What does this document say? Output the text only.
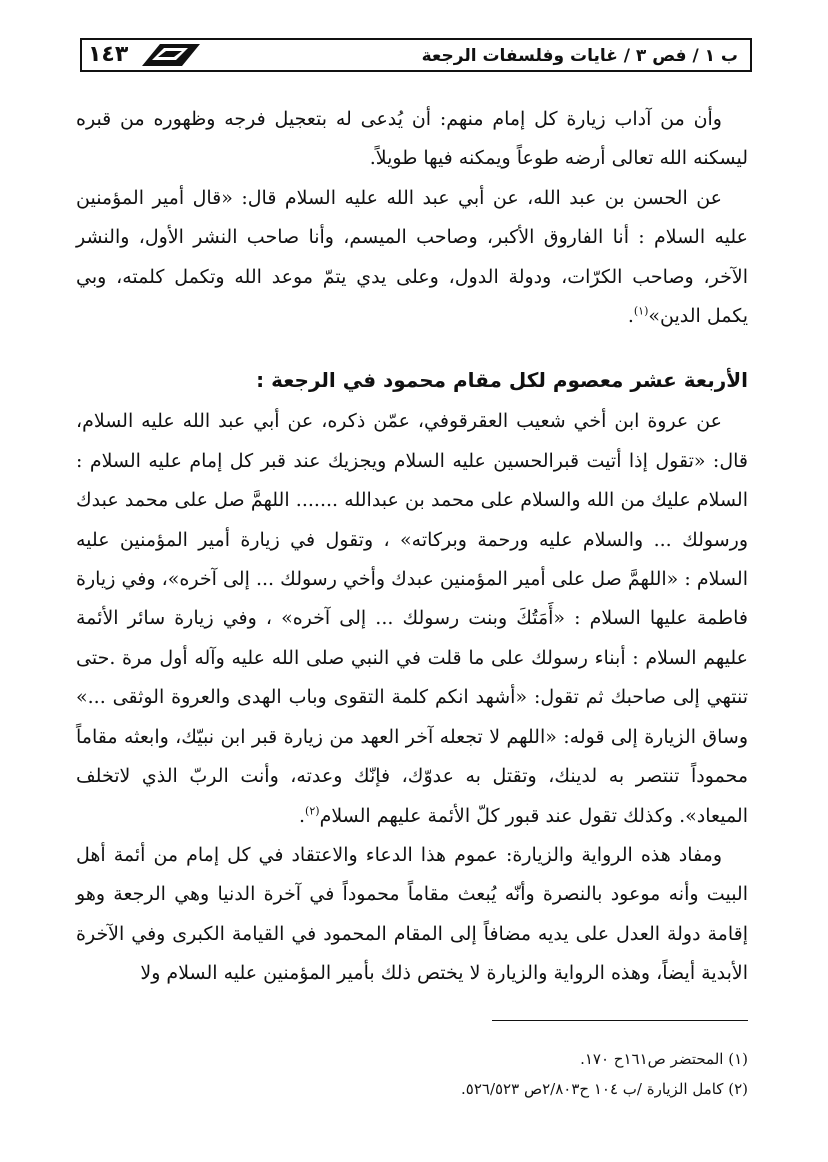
ب ١ / فص ٣ / غايات وفلسفات الرجعة
١٤٣

وأن من آداب زيارة كل إمام منهم: أن يُدعى له بتعجيل فرجه وظهوره من قبره ليسكنه الله تعالى أرضه طوعاً ويمكنه فيها طويلاً.

عن الحسن بن عبد الله، عن أبي عبد الله عليه السلام قال: «قال أمير المؤمنين عليه السلام : أنا الفاروق الأكبر، وصاحب الميسم، وأنا صاحب النشر الأول، والنشر الآخر، وصاحب الكرّات، ودولة الدول، وعلى يدي يتمّ موعد الله وتكمل كلمته، وبي يكمل الدين»$^{(١)}$.

الأربعة عشر معصوم لكل مقام محمود في الرجعة :

عن عروة ابن أخي شعيب العقرقوفي، عمّن ذكره، عن أبي عبد الله عليه السلام، قال: «تقول إذا أتيت قبرالحسين عليه السلام ويجزيك عند قبر كل إمام عليه السلام : السلام عليك من الله والسلام على محمد بن عبدالله ....... اللهمَّ صل على محمد عبدك ورسولك ... والسلام عليه ورحمة وبركاته» ، وتقول في زيارة أمير المؤمنين عليه السلام : «اللهمَّ صل على أمير المؤمنين عبدك وأخي رسولك ... إلى آخره»، وفي زيارة فاطمة عليها السلام : «أَمَتُكَ وبنت رسولك ... إلى آخره» ، وفي زيارة سائر الأئمة عليهم السلام : أبناء رسولك على ما قلت في النبي صلى الله عليه وآله أول مرة .حتى تنتهي إلى صاحبك ثم تقول: «أشهد انكم كلمة التقوى وباب الهدى والعروة الوثقى ...» وساق الزيارة إلى قوله: «اللهم لا تجعله آخر العهد من زيارة قبر ابن نبيّك، وابعثه مقاماً محموداً تنتصر به لدينك، وتقتل به عدوّك، فإنّك وعدته، وأنت الربّ الذي لاتخلف الميعاد». وكذلك تقول عند قبور كلّ الأئمة عليهم السلام$^{(٢)}$.

ومفاد هذه الرواية والزيارة: عموم هذا الدعاء والاعتقاد في كل إمام من أئمة أهل البيت وأنه موعود بالنصرة وأنّه يُبعث مقاماً محموداً في آخرة الدنيا وهي الرجعة وهو إقامة دولة العدل على يديه مضافاً إلى المقام المحمود في القيامة الكبرى وفي الآخرة الأبدية أيضاً، وهذه الرواية والزيارة لا يختص ذلك بأمير المؤمنين عليه السلام ولا

(١) المحتضر ص١٦١ح ١٧٠.
(٢) كامل الزيارة /ب ١٠٤ ح٢/٨٠٣ص ٥٢٦/٥٢٣.
